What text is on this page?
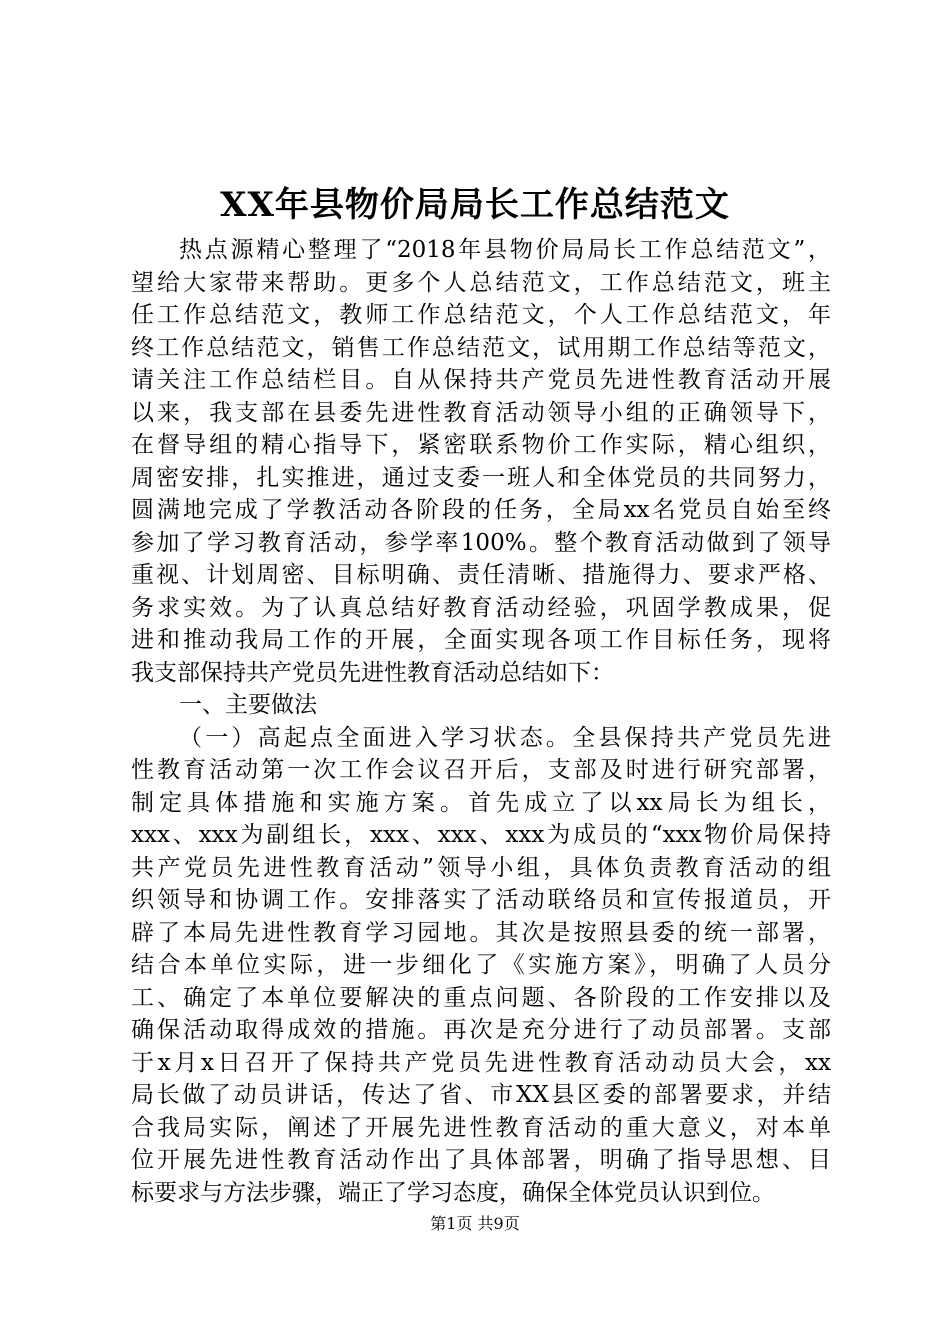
XX年县物价局局长工作总结范文
热点源精心整理了“2018年县物价局局长工作总结范文”，
望给大家带来帮助。更多个人总结范文，工作总结范文，班主
任工作总结范文，教师工作总结范文，个人工作总结范文，年
终工作总结范文，销售工作总结范文，试用期工作总结等范文，
请关注工作总结栏目。自从保持共产党员先进性教育活动开展
以来，我支部在县委先进性教育活动领导小组的正确领导下，
在督导组的精心指导下，紧密联系物价工作实际，精心组织，
周密安排，扎实推进，通过支委一班人和全体党员的共同努力，
圆满地完成了学教活动各阶段的任务，全局xx名党员自始至终
参加了学习教育活动，参学率100%。整个教育活动做到了领导
重视、计划周密、目标明确、责任清晰、措施得力、要求严格、
务求实效。为了认真总结好教育活动经验，巩固学教成果，促
进和推动我局工作的开展，全面实现各项工作目标任务，现将
我支部保持共产党员先进性教育活动总结如下：
一、主要做法
（一）高起点全面进入学习状态。全县保持共产党员先进
性教育活动第一次工作会议召开后，支部及时进行研究部署，
制定具体措施和实施方案。首先成立了以xx局长为组长，
xxx、xxx为副组长，xxx、xxx、xxx为成员的“xxx物价局保持
共产党员先进性教育活动”领导小组，具体负责教育活动的组
织领导和协调工作。安排落实了活动联络员和宣传报道员，开
辟了本局先进性教育学习园地。其次是按照县委的统一部署，
结合本单位实际，进一步细化了《实施方案》，明确了人员分
工、确定了本单位要解决的重点问题、各阶段的工作安排以及
确保活动取得成效的措施。再次是充分进行了动员部署。支部
于x月x日召开了保持共产党员先进性教育活动动员大会，xx
局长做了动员讲话，传达了省、市XX县区委的部署要求，并结
合我局实际，阐述了开展先进性教育活动的重大意义，对本单
位开展先进性教育活动作出了具体部署，明确了指导思想、目
标要求与方法步骤，端正了学习态度，确保全体党员认识到位。
第1页 共9页
